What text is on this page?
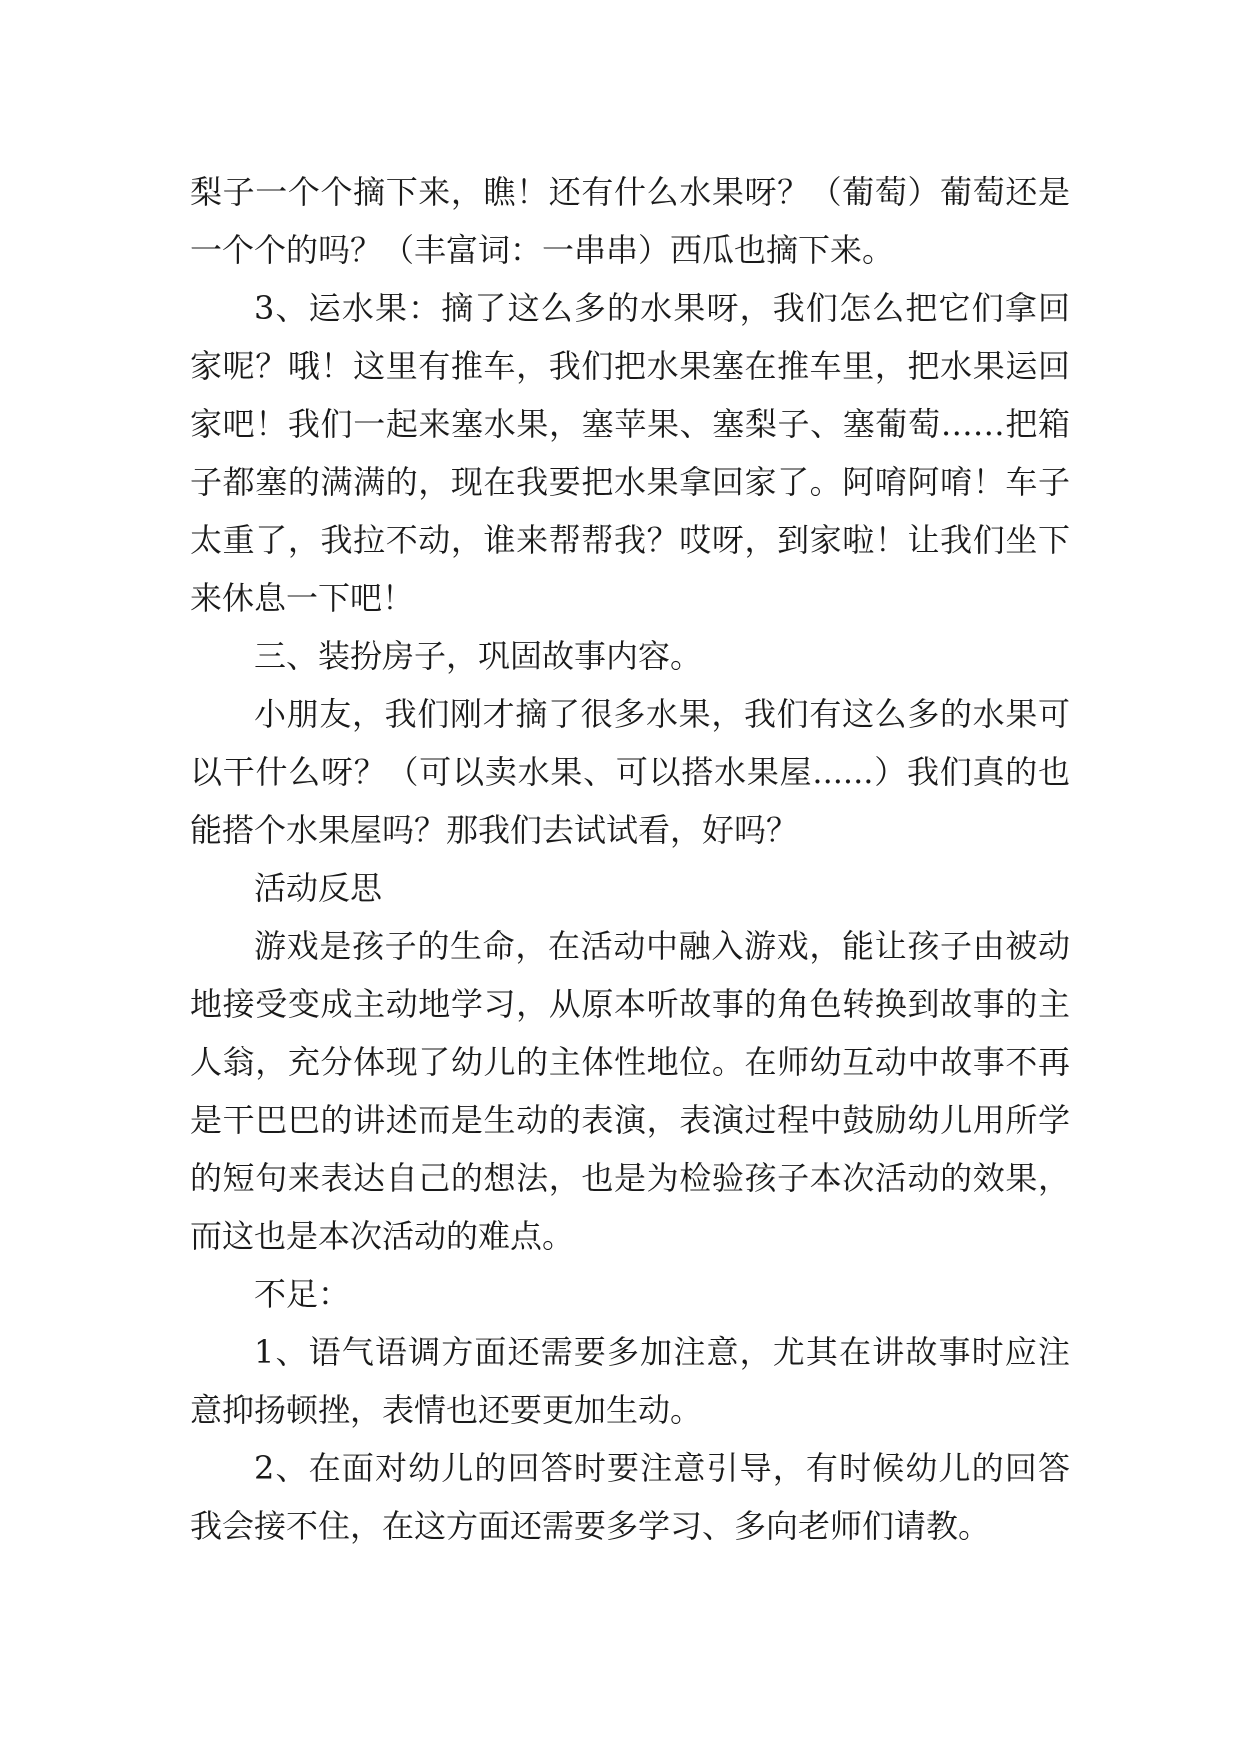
梨子一个个摘下来，瞧！还有什么水果呀？（葡萄）葡萄还是一个个的吗？（丰富词：一串串）西瓜也摘下来。

3、运水果：摘了这么多的水果呀，我们怎么把它们拿回家呢？哦！这里有推车，我们把水果塞在推车里，把水果运回家吧！我们一起来塞水果，塞苹果、塞梨子、塞葡萄……把箱子都塞的满满的，现在我要把水果拿回家了。阿唷阿唷！车子太重了，我拉不动，谁来帮帮我？哎呀，到家啦！让我们坐下来休息一下吧！

三、装扮房子，巩固故事内容。

小朋友，我们刚才摘了很多水果，我们有这么多的水果可以干什么呀？（可以卖水果、可以搭水果屋......）我们真的也能搭个水果屋吗？那我们去试试看，好吗？

活动反思

游戏是孩子的生命，在活动中融入游戏，能让孩子由被动地接受变成主动地学习，从原本听故事的角色转换到故事的主人翁，充分体现了幼儿的主体性地位。在师幼互动中故事不再是干巴巴的讲述而是生动的表演，表演过程中鼓励幼儿用所学的短句来表达自己的想法，也是为检验孩子本次活动的效果，而这也是本次活动的难点。

不足：

1、语气语调方面还需要多加注意，尤其在讲故事时应注意抑扬顿挫，表情也还要更加生动。

2、在面对幼儿的回答时要注意引导，有时候幼儿的回答我会接不住，在这方面还需要多学习、多向老师们请教。
